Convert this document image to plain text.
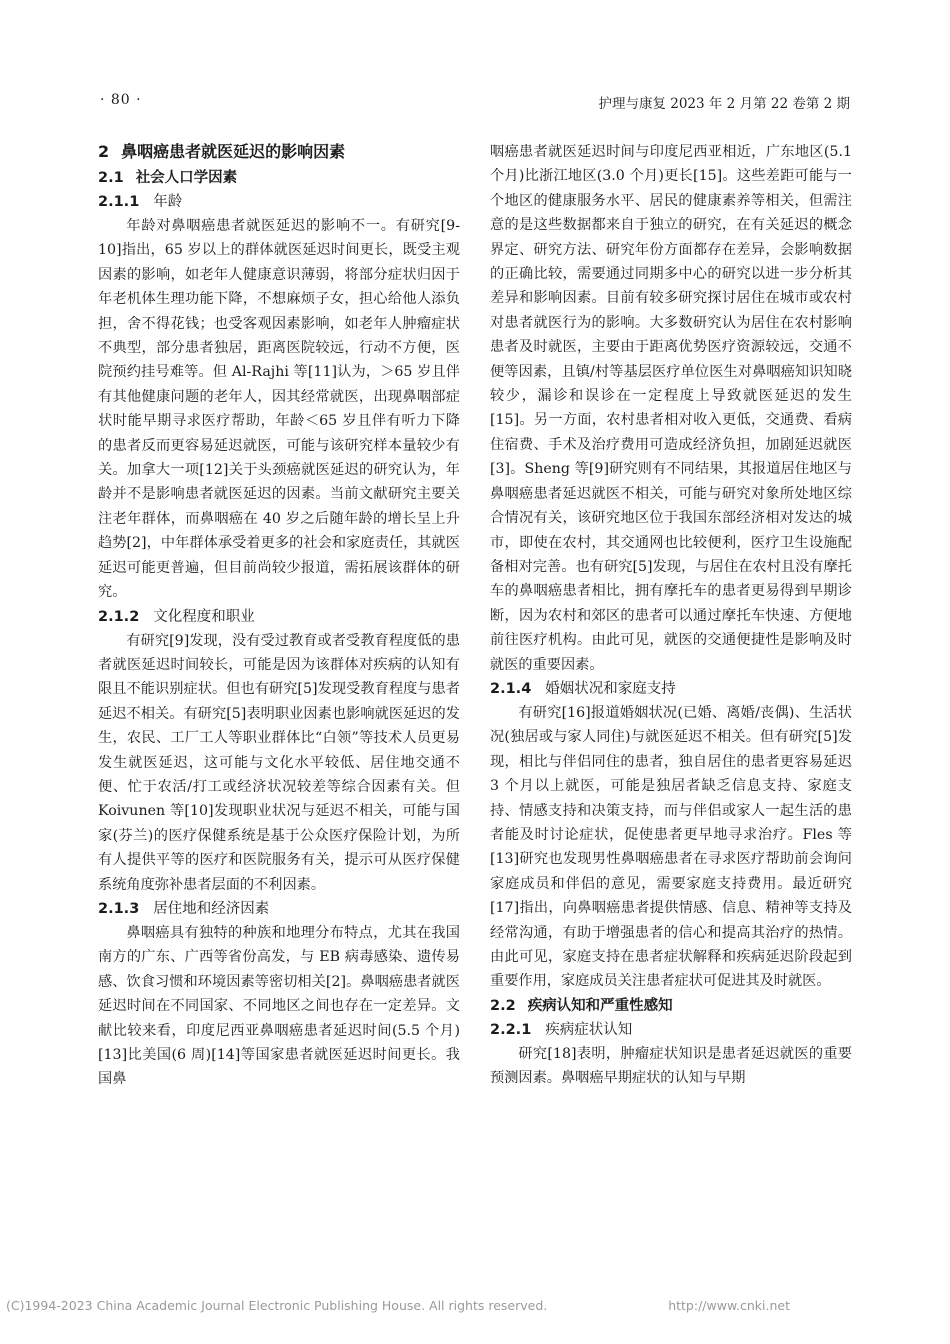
· 80 ·	护理与康复 2023 年 2 月第 22 卷第 2 期
2 鼻咽癌患者就医延迟的影响因素
2.1 社会人口学因素
2.1.1 年龄

年龄对鼻咽癌患者就医延迟的影响不一。有研究[9-10]指出，65 岁以上的群体就医延迟时间更长，既受主观因素的影响，如老年人健康意识薄弱，将部分症状归因于年老机体生理功能下降，不想麻烦子女，担心给他人添负担，舍不得花钱；也受客观因素影响，如老年人肿瘤症状不典型，部分患者独居，距离医院较远，行动不方便，医院预约挂号难等。但 Al-Rajhi 等[11]认为，＞65 岁且伴有其他健康问题的老年人，因其经常就医，出现鼻咽部症状时能早期寻求医疗帮助，年龄＜65 岁且伴有听力下降的患者反而更容易延迟就医，可能与该研究样本量较少有关。加拿大一项[12]关于头颈癌就医延迟的研究认为，年龄并不是影响患者就医延迟的因素。当前文献研究主要关注老年群体，而鼻咽癌在 40 岁之后随年龄的增长呈上升趋势[2]，中年群体承受着更多的社会和家庭责任，其就医延迟可能更普遍，但目前尚较少报道，需拓展该群体的研究。

2.1.2 文化程度和职业

有研究[9]发现，没有受过教育或者受教育程度低的患者就医延迟时间较长，可能是因为该群体对疾病的认知有限且不能识别症状。但也有研究[5]发现受教育程度与患者延迟不相关。有研究[5]表明职业因素也影响就医延迟的发生，农民、工厂工人等职业群体比“白领”等技术人员更易发生就医延迟，这可能与文化水平较低、居住地交通不便、忙于农活/打工或经济状况较差等综合因素有关。但 Koivunen 等[10]发现职业状况与延迟不相关，可能与国家(芬兰)的医疗保健系统是基于公众医疗保险计划，为所有人提供平等的医疗和医院服务有关，提示可从医疗保健系统角度弥补患者层面的不利因素。

2.1.3 居住地和经济因素

鼻咽癌具有独特的种族和地理分布特点，尤其在我国南方的广东、广西等省份高发，与 EB 病毒感染、遗传易感、饮食习惯和环境因素等密切相关[2]。鼻咽癌患者就医延迟时间在不同国家、不同地区之间也存在一定差异。文献比较来看，印度尼西亚鼻咽癌患者延迟时间(5.5 个月)[13]比美国(6 周)[14]等国家患者就医延迟时间更长。我国鼻

咽癌患者就医延迟时间与印度尼西亚相近，广东地区(5.1 个月)比浙江地区(3.0 个月)更长[15]。这些差距可能与一个地区的健康服务水平、居民的健康素养等相关，但需注意的是这些数据都来自于独立的研究，在有关延迟的概念界定、研究方法、研究年份方面都存在差异，会影响数据的正确比较，需要通过同期多中心的研究以进一步分析其差异和影响因素。目前有较多研究探讨居住在城市或农村对患者就医行为的影响。大多数研究认为居住在农村影响患者及时就医，主要由于距离优势医疗资源较远，交通不便等因素，且镇/村等基层医疗单位医生对鼻咽癌知识知晓较少，漏诊和误诊在一定程度上导致就医延迟的发生[15]。另一方面，农村患者相对收入更低，交通费、看病住宿费、手术及治疗费用可造成经济负担，加剧延迟就医[3]。Sheng 等[9]研究则有不同结果，其报道居住地区与鼻咽癌患者延迟就医不相关，可能与研究对象所处地区综合情况有关，该研究地区位于我国东部经济相对发达的城市，即使在农村，其交通网也比较便利，医疗卫生设施配备相对完善。也有研究[5]发现，与居住在农村且没有摩托车的鼻咽癌患者相比，拥有摩托车的患者更易得到早期诊断，因为农村和郊区的患者可以通过摩托车快速、方便地前往医疗机构。由此可见，就医的交通便捷性是影响及时就医的重要因素。

2.1.4 婚姻状况和家庭支持

有研究[16]报道婚姻状况(已婚、离婚/丧偶)、生活状况(独居或与家人同住)与就医延迟不相关。但有研究[5]发现，相比与伴侣同住的患者，独自居住的患者更容易延迟 3 个月以上就医，可能是独居者缺乏信息支持、家庭支持、情感支持和决策支持，而与伴侣或家人一起生活的患者能及时讨论症状，促使患者更早地寻求治疗。Fles 等[13]研究也发现男性鼻咽癌患者在寻求医疗帮助前会询问家庭成员和伴侣的意见，需要家庭支持费用。最近研究[17]指出，向鼻咽癌患者提供情感、信息、精神等支持及经常沟通，有助于增强患者的信心和提高其治疗的热情。由此可见，家庭支持在患者症状解释和疾病延迟阶段起到重要作用，家庭成员关注患者症状可促进其及时就医。

2.2 疾病认知和严重性感知
2.2.1 疾病症状认知

研究[18]表明，肿瘤症状知识是患者延迟就医的重要预测因素。鼻咽癌早期症状的认知与早期

(C)1994-2023 China Academic Journal Electronic Publishing House. All rights reserved.	http://www.cnki.net
